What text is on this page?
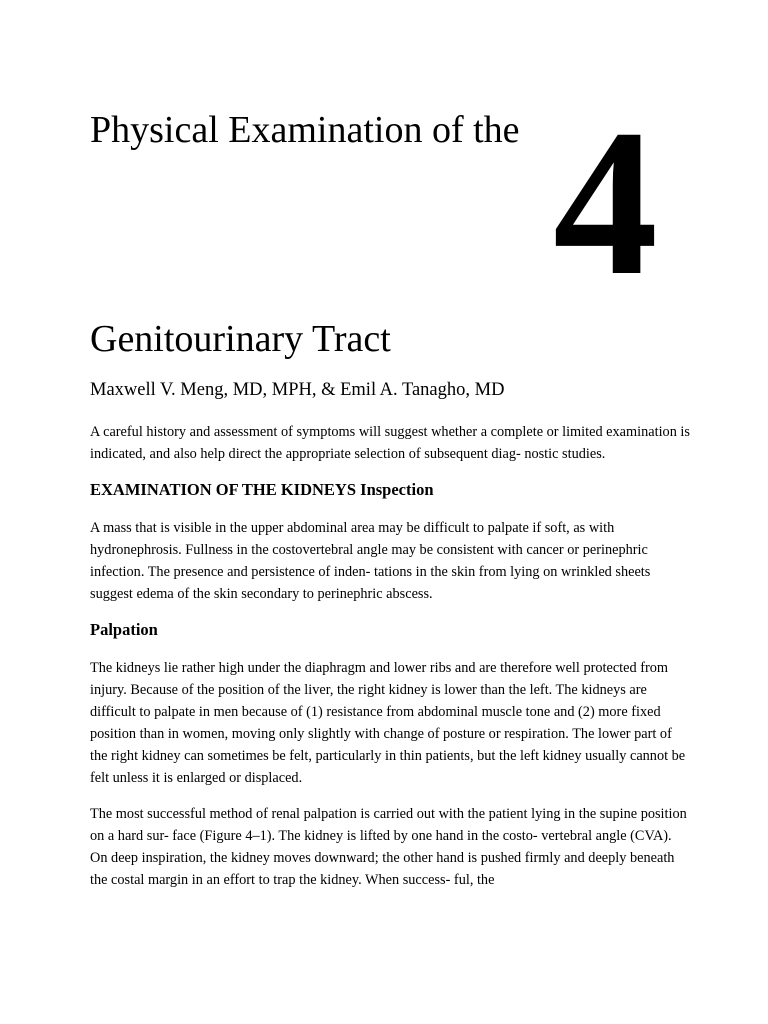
Physical Examination of the 4
Genitourinary Tract

Maxwell V. Meng, MD, MPH, & Emil A. Tanagho, MD

A careful history and assessment of symptoms will suggest whether a complete or limited examination is indicated, and also help direct the appropriate selection of subsequent diag- nostic studies.

EXAMINATION OF THE KIDNEYS Inspection

A mass that is visible in the upper abdominal area may be difficult to palpate if soft, as with hydronephrosis. Fullness in the costovertebral angle may be consistent with cancer or perinephric infection. The presence and persistence of inden- tations in the skin from lying on wrinkled sheets suggest edema of the skin secondary to perinephric abscess.

Palpation

The kidneys lie rather high under the diaphragm and lower ribs and are therefore well protected from injury. Because of the position of the liver, the right kidney is lower than the left. The kidneys are difficult to palpate in men because of (1) resistance from abdominal muscle tone and (2) more fixed position than in women, moving only slightly with change of posture or respiration. The lower part of the right kidney can sometimes be felt, particularly in thin patients, but the left kidney usually cannot be felt unless it is enlarged or displaced.

The most successful method of renal palpation is carried out with the patient lying in the supine position on a hard sur- face (Figure 4–1). The kidney is lifted by one hand in the costo- vertebral angle (CVA). On deep inspiration, the kidney moves downward; the other hand is pushed firmly and deeply beneath the costal margin in an effort to trap the kidney. When success- ful, the
